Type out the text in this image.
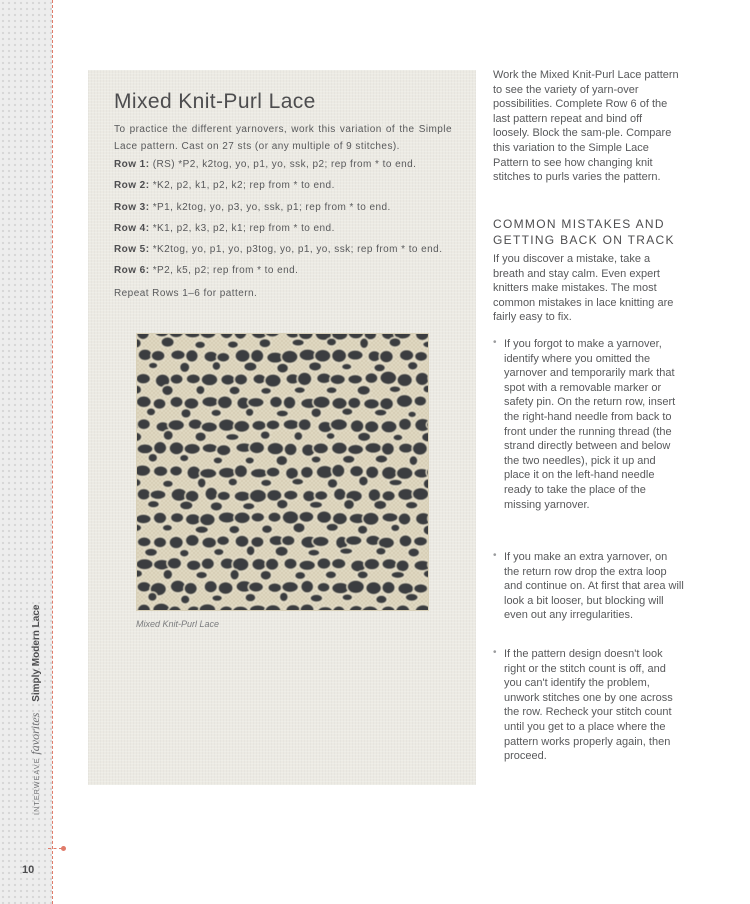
INTERWEAVE favorites Simply Modern Lace
10
Mixed Knit-Purl Lace

To practice the different yarnovers, work this variation of the Simple Lace pattern. Cast on 27 sts (or any multiple of 9 stitches).

Row 1: (RS) *P2, k2tog, yo, p1, yo, ssk, p2; rep from * to end.

Row 2: *K2, p2, k1, p2, k2; rep from * to end.

Row 3: *P1, k2tog, yo, p3, yo, ssk, p1; rep from * to end.

Row 4: *K1, p2, k3, p2, k1; rep from * to end.

Row 5: *K2tog, yo, p1, yo, p3tog, yo, p1, yo, ssk; rep from * to end.

Row 6: *P2, k5, p2; rep from * to end.

Repeat Rows 1–6 for pattern.

Mixed Knit-Purl Lace

Work the Mixed Knit-Purl Lace pattern to see the variety of yarn-over possibilities. Complete Row 6 of the last pattern repeat and bind off loosely. Block the sam-ple. Compare this variation to the Simple Lace Pattern to see how changing knit stitches to purls varies the pattern.

COMMON MISTAKES AND GETTING BACK ON TRACK

If you discover a mistake, take a breath and stay calm. Even expert knitters make mistakes. The most common mistakes in lace knitting are fairly easy to fix.

• If you forgot to make a yarnover, identify where you omitted the yarnover and temporarily mark that spot with a removable marker or safety pin. On the return row, insert the right-hand needle from back to front under the running thread (the strand directly between and below the two needles), pick it up and place it on the left-hand needle ready to take the place of the missing yarnover.

• If you make an extra yarnover, on the return row drop the extra loop and continue on. At first that area will look a bit looser, but blocking will even out any irregularities.

• If the pattern design doesn't look right or the stitch count is off, and you can't identify the problem, unwork stitches one by one across the row. Recheck your stitch count until you get to a place where the pattern works properly again, then proceed.
